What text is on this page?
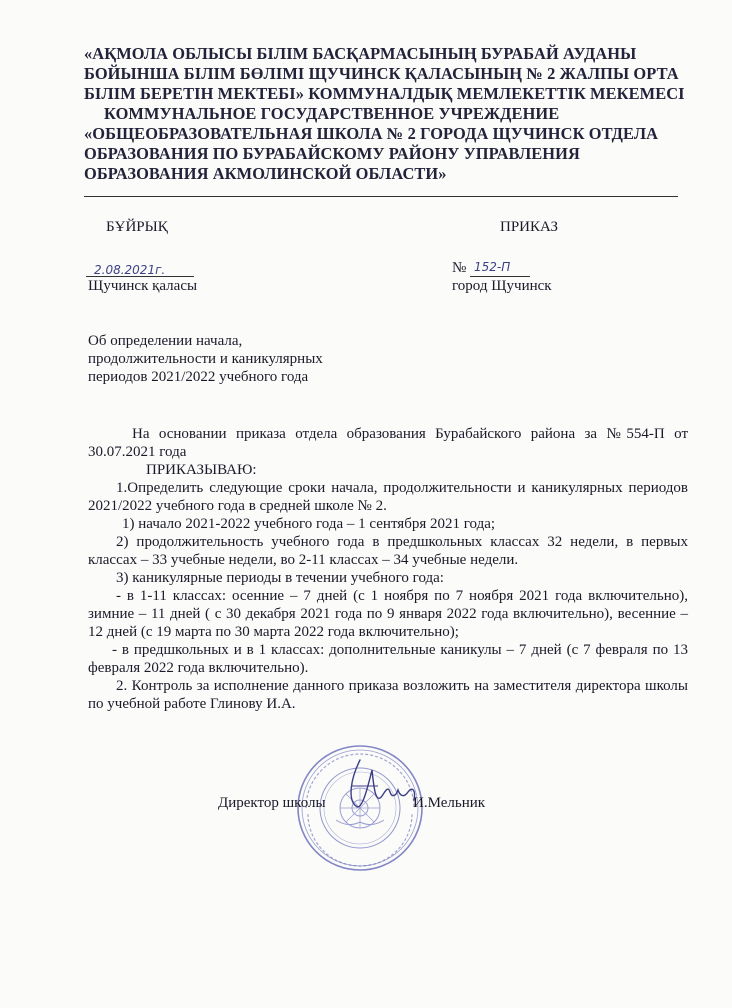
«АҚМОЛА ОБЛЫСЫ БІЛІМ БАСҚАРМАСЫНЫҢ БУРАБАЙ АУДАНЫ
БОЙЫНША БІЛІМ БӨЛІМІ ЩУЧИНСК ҚАЛАСЫНЫҢ № 2 ЖАЛПЫ ОРТА
БІЛІМ БЕРЕТІН МЕКТЕБІ» КОММУНАЛДЫҚ МЕМЛЕКЕТТІК МЕКЕМЕСІ
КОММУНАЛЬНОЕ ГОСУДАРСТВЕННОЕ УЧРЕЖДЕНИЕ
«ОБЩЕОБРАЗОВАТЕЛЬНАЯ ШКОЛА № 2 ГОРОДА ЩУЧИНСК ОТДЕЛА
ОБРАЗОВАНИЯ ПО БУРАБАЙСКОМУ РАЙОНУ УПРАВЛЕНИЯ
ОБРАЗОВАНИЯ АКМОЛИНСКОЙ ОБЛАСТИ»
БҰЙРЫҚ	ПРИКАЗ
2.08.2021г.	№ 152-П
Щучинск қаласы	город Щучинск
Об определении начала,
продолжительности и каникулярных
периодов 2021/2022 учебного года

На основании приказа отдела образования Бурабайского района за №554-П от 30.07.2021 года

ПРИКАЗЫВАЮ:

1.Определить следующие сроки начала, продолжительности и каникулярных периодов 2021/2022 учебного года в средней школе № 2.

1) начало 2021-2022 учебного года – 1 сентября 2021 года;

2) продолжительность учебного года в предшкольных классах 32 недели, в первых классах – 33 учебные недели, во 2-11 классах – 34 учебные недели.

3) каникулярные периоды в течении учебного года:

- в 1-11 классах: осенние – 7 дней (с 1 ноября по 7 ноября 2021 года включительно), зимние – 11 дней ( с 30 декабря 2021 года по 9 января 2022 года включительно), весенние – 12 дней (с 19 марта по 30 марта 2022 года включительно);

- в предшкольных и в 1 классах: дополнительные каникулы – 7 дней (с 7 февраля по 13 февраля 2022 года включительно).

2. Контроль за исполнение данного приказа возложить на заместителя директора школы по учебной работе Глинову И.А.

Директор школы	И.Мельник
